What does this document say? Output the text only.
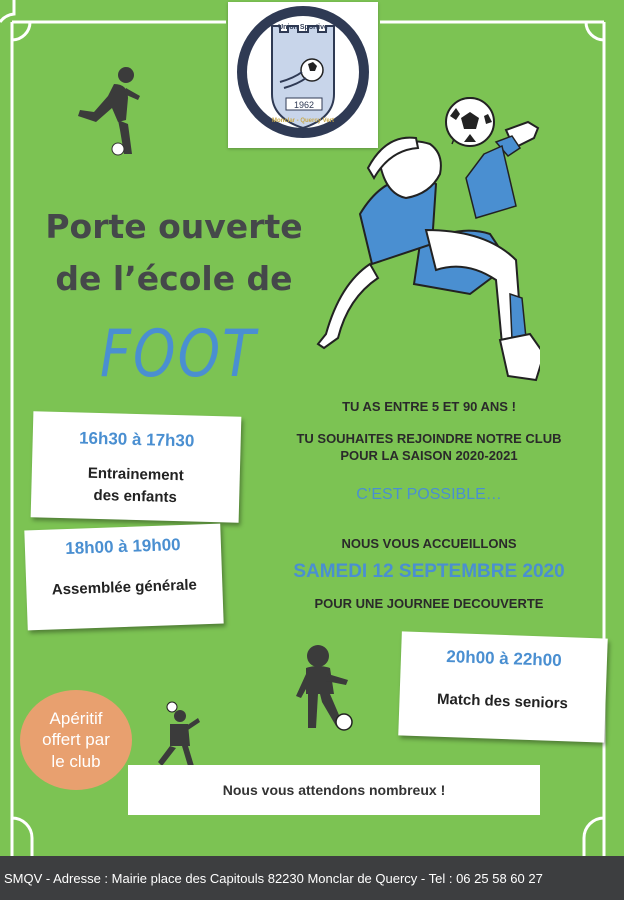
Union Sportive
1962
Monclar - Quercy Vert
Porte ouverte
de l’école de
FOOT
16h30 à 17h30
Entrainement
des enfants
18h00 à 19h00
Assemblée générale
20h00 à 22h00
Match des seniors
TU AS ENTRE 5 ET 90 ANS !
TU SOUHAITES REJOINDRE NOTRE CLUB
POUR LA SAISON 2020-2021
C’EST POSSIBLE…
NOUS VOUS ACCUEILLONS
SAMEDI 12 SEPTEMBRE 2020
POUR UNE JOURNEE DECOUVERTE
Apéritif
offert par
le club
Nous vous attendons nombreux !
SMQV - Adresse : Mairie place des Capitouls 82230 Monclar de Quercy - Tel : 06 25 58 60 27
